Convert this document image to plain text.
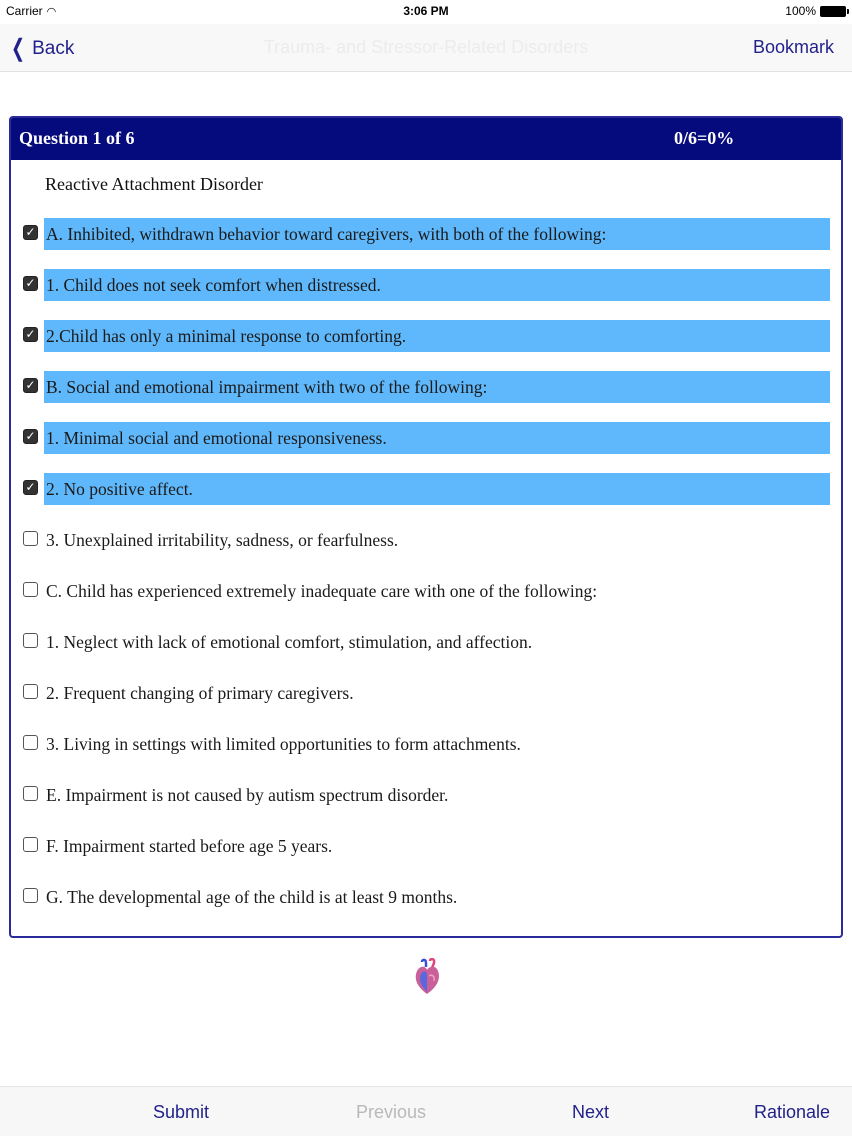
Carrier ◠	3:06 PM	100%
❮ Back	Trauma- and Stressor-Related Disorders	Bookmark
Question 1 of 6	0/6=0%
Reactive Attachment Disorder
✓ A. Inhibited, withdrawn behavior toward caregivers, with both of the following:
✓ 1. Child does not seek comfort when distressed.
✓ 2.Child has only a minimal response to comforting.
✓ B. Social and emotional impairment with two of the following:
✓ 1. Minimal social and emotional responsiveness.
✓ 2. No positive affect.
3. Unexplained irritability, sadness, or fearfulness.
C. Child has experienced extremely inadequate care with one of the following:
1. Neglect with lack of emotional comfort, stimulation, and affection.
2. Frequent changing of primary caregivers.
3. Living in settings with limited opportunities to form attachments.
E. Impairment is not caused by autism spectrum disorder.
F. Impairment started before age 5 years.
G. The developmental age of the child is at least 9 months.
Submit	Previous	Next	Rationale
